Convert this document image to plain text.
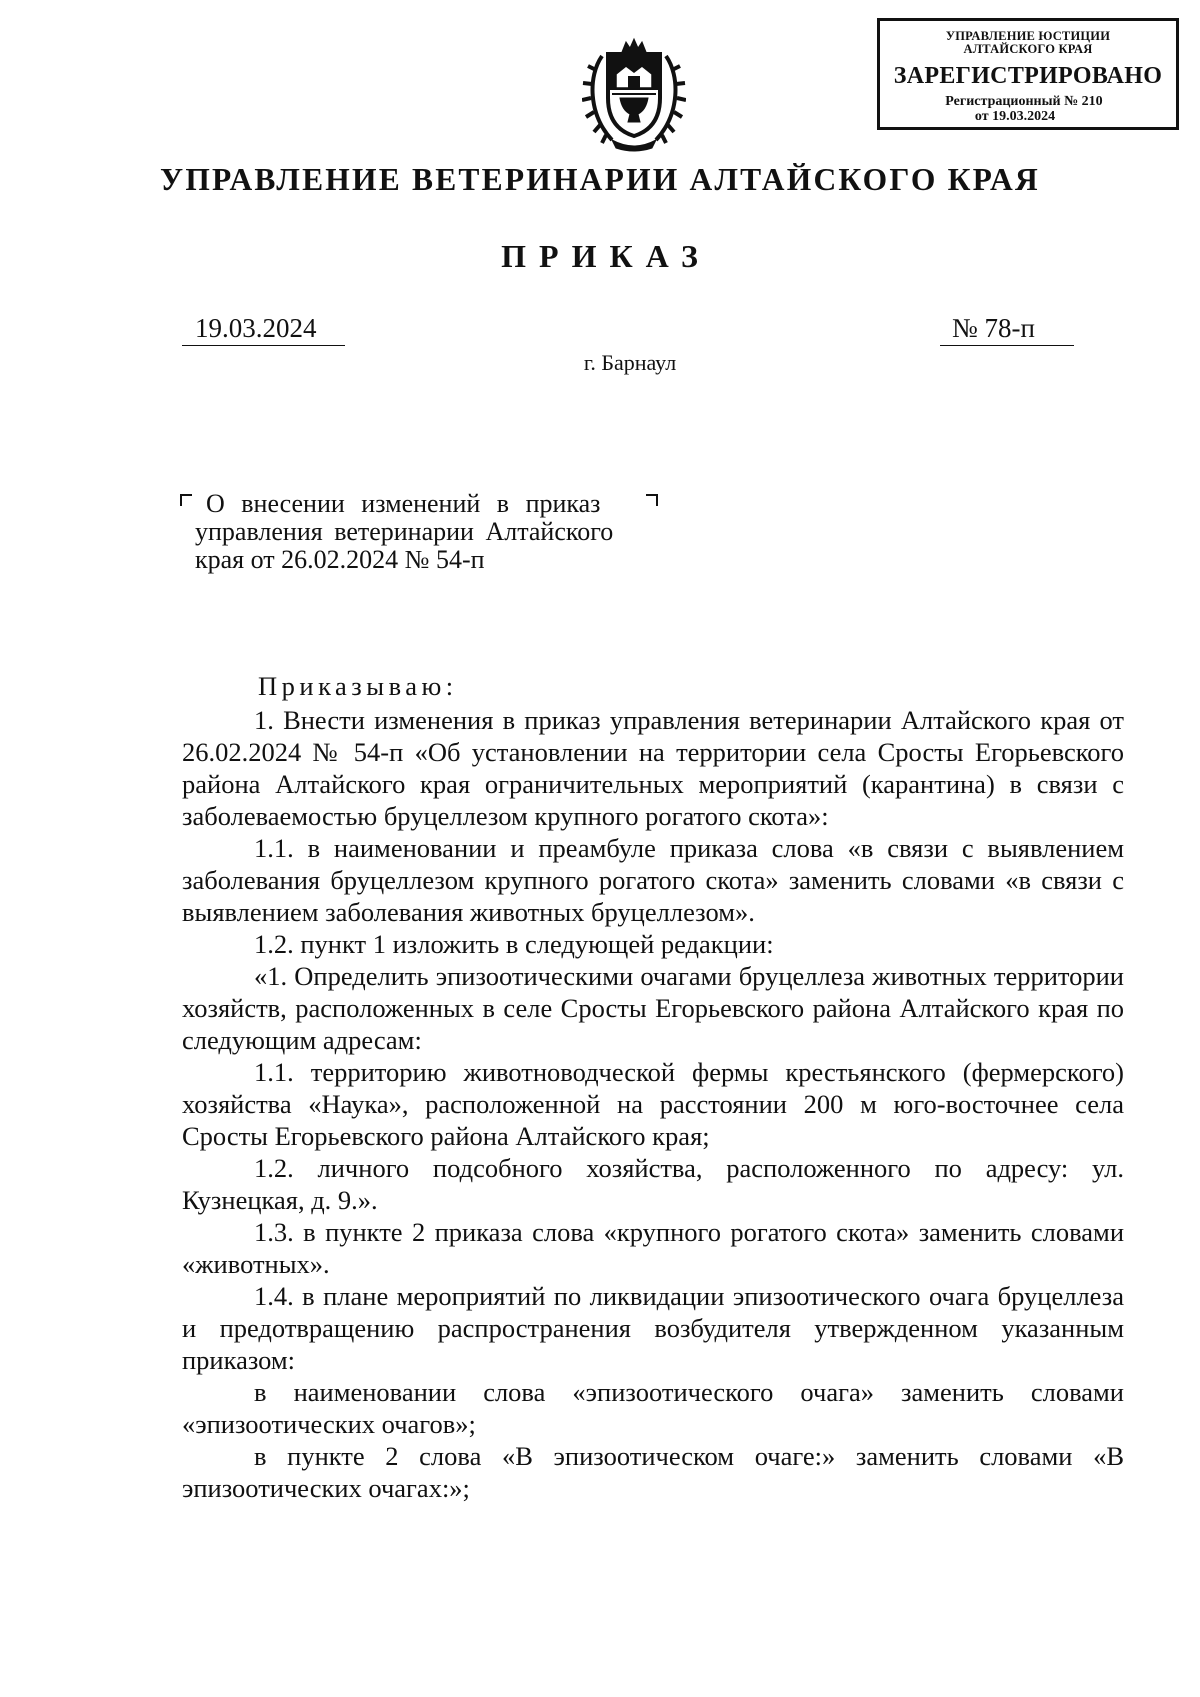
УПРАВЛЕНИЕ ЮСТИЦИИ
АЛТАЙСКОГО КРАЯ
ЗАРЕГИСТРИРОВАНО
Регистрационный № 210
от 19.03.2024
УПРАВЛЕНИЕ ВЕТЕРИНАРИИ АЛТАЙСКОГО КРАЯ
ПРИКАЗ
19.03.2024	№ 78-п
г. Барнаул
О внесении изменений в приказ
управления ветеринарии Алтайского
края от 26.02.2024 № 54-п
Приказываю:

1. Внести изменения в приказ управления ветеринарии Алтайского края от 26.02.2024 № 54-п «Об установлении на территории села Сросты Егорьевского района Алтайского края ограничительных мероприятий (карантина) в связи с заболеваемостью бруцеллезом крупного рогатого скота»:

1.1. в наименовании и преамбуле приказа слова «в связи с выявлением заболевания бруцеллезом крупного рогатого скота» заменить словами «в связи с выявлением заболевания животных бруцеллезом».

1.2. пункт 1 изложить в следующей редакции:

«1. Определить эпизоотическими очагами бруцеллеза животных территории хозяйств, расположенных в селе Сросты Егорьевского района Алтайского края по следующим адресам:

1.1. территорию животноводческой фермы крестьянского (фермерского) хозяйства «Наука», расположенной на расстоянии 200 м юго-восточнее села Сросты Егорьевского района Алтайского края;

1.2. личного подсобного хозяйства, расположенного по адресу: ул. Кузнецкая, д. 9.».

1.3. в пункте 2 приказа слова «крупного рогатого скота» заменить словами «животных».

1.4. в плане мероприятий по ликвидации эпизоотического очага бруцеллеза и предотвращению распространения возбудителя утвержденном указанным приказом:

в наименовании слова «эпизоотического очага» заменить словами «эпизоотических очагов»;

в пункте 2 слова «В эпизоотическом очаге:» заменить словами «В эпизоотических очагах:»;
